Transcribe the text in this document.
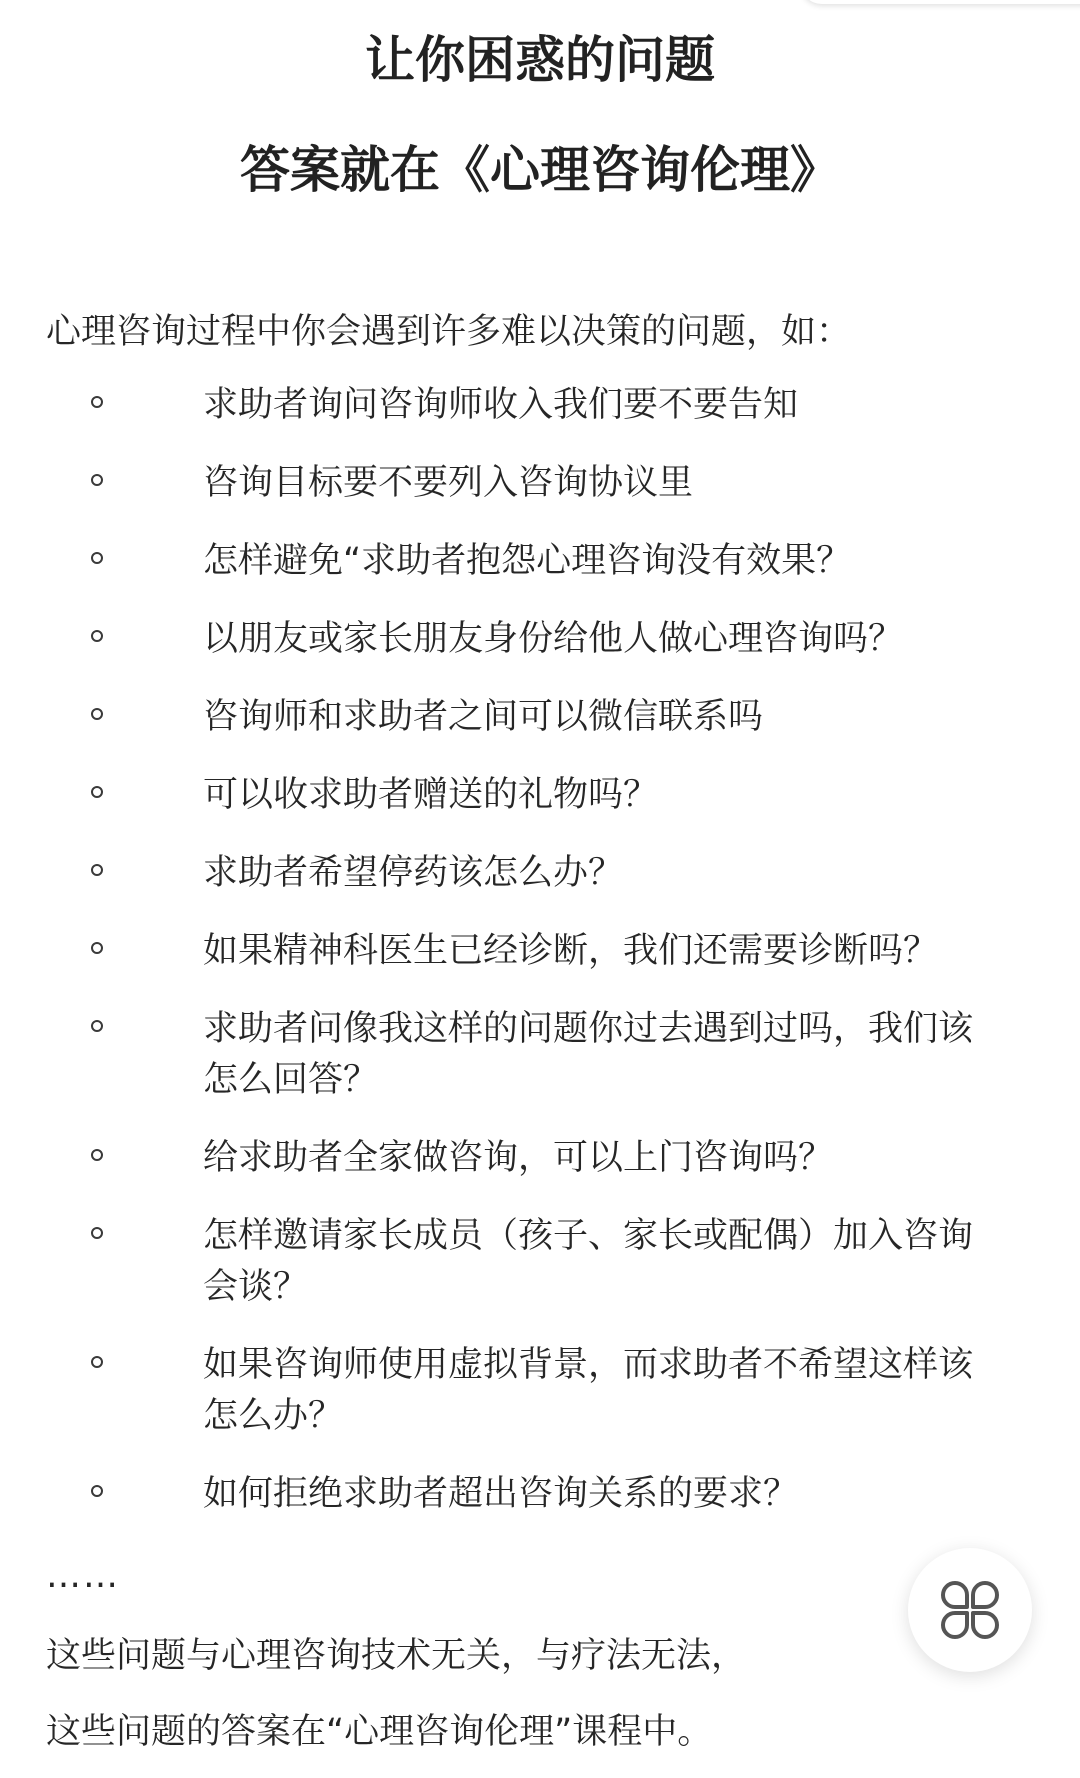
让你困惑的问题
答案就在《心理咨询伦理》
心理咨询过程中你会遇到许多难以决策的问题，如：
求助者询问咨询师收入我们要不要告知
咨询目标要不要列入咨询协议里
怎样避免“求助者抱怨心理咨询没有效果？
以朋友或家长朋友身份给他人做心理咨询吗？
咨询师和求助者之间可以微信联系吗
可以收求助者赠送的礼物吗？
求助者希望停药该怎么办？
如果精神科医生已经诊断，我们还需要诊断吗？
求助者问像我这样的问题你过去遇到过吗，我们该怎么回答？
给求助者全家做咨询，可以上门咨询吗？
怎样邀请家长成员（孩子、家长或配偶）加入咨询会谈？
如果咨询师使用虚拟背景，而求助者不希望这样该怎么办？
如何拒绝求助者超出咨询关系的要求？
……
这些问题与心理咨询技术无关，与疗法无法，
这些问题的答案在“心理咨询伦理”课程中。
